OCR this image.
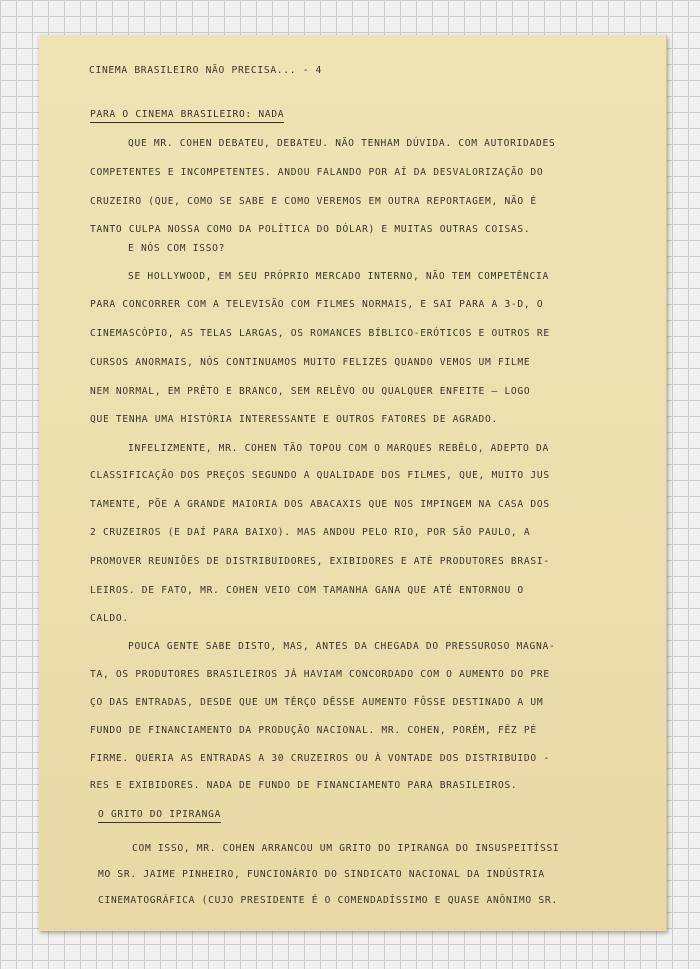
CINEMA BRASILEIRO NÃO PRECISA... - 4

PARA O CINEMA BRASILEIRO: NADA

QUE MR. COHEN DEBATEU, DEBATEU. NÃO TENHAM DÚVIDA. COM AUTORIDADES

COMPETENTES E INCOMPETENTES. ANDOU FALANDO POR AÍ DA DESVALORIZAÇÃO DO

CRUZEIRO (QUE, COMO SE SABE E COMO VEREMOS EM OUTRA REPORTAGEM, NÃO É

TANTO CULPA NOSSA COMO DA POLÍTICA DO DÓLAR) E MUITAS OUTRAS COISAS.

E NÓS COM ISSO?

SE HOLLYWOOD, EM SEU PRÓPRIO MERCADO INTERNO, NÃO TEM COMPETÊNCIA

PARA CONCORRER COM A TELEVISÃO COM FILMES NORMAIS, E SAI PARA A 3-D, O

CINEMASCÓPIO, AS TELAS LARGAS, OS ROMANCES BÍBLICO-ERÓTICOS E OUTROS RE

CURSOS ANORMAIS, NÓS CONTINUAMOS MUITO FELIZES QUANDO VEMOS UM FILME

NEM NORMAL, EM PRÊTO E BRANCO, SEM RELÊVO OU QUALQUER ENFEITE — LOGO

QUE TENHA UMA HISTÓRIA INTERESSANTE E OUTROS FATORES DE AGRADO.

INFELIZMENTE, MR. COHEN TÃO TOPOU COM O MARQUES REBÊLO, ADEPTO DA

CLASSIFICAÇÃO DOS PREÇOS SEGUNDO A QUALIDADE DOS FILMES, QUE, MUITO JUS

TAMENTE, PÕE A GRANDE MAIORIA DOS ABACAXIS QUE NOS IMPINGEM NA CASA DOS

2 CRUZEIROS (E DAÍ PARA BAIXO). MAS ANDOU PELO RIO, POR SÃO PAULO, A

PROMOVER REUNIÕES DE DISTRIBUIDORES, EXIBIDORES E ATÉ PRODUTORES BRASI-

LEIROS. DE FATO, MR. COHEN VEIO COM TAMANHA GANA QUE ATÉ ENTORNOU O

CALDO.

POUCA GENTE SABE DISTO, MAS, ANTES DA CHEGADA DO PRESSUROSO MAGNA-

TA, OS PRODUTORES BRASILEIROS JÁ HAVIAM CONCORDADO COM O AUMENTO DO PRE

ÇO DAS ENTRADAS, DESDE QUE UM TÊRÇO DÊSSE AUMENTO FÔSSE DESTINADO A UM

FUNDO DE FINANCIAMENTO DA PRODUÇÃO NACIONAL. MR. COHEN, PORÉM, FÊZ PÉ

FIRME. QUERIA AS ENTRADAS A 30 CRUZEIROS OU À VONTADE DOS DISTRIBUIDO -

RES E EXIBIDORES. NADA DE FUNDO DE FINANCIAMENTO PARA BRASILEIROS.

O GRITO DO IPIRANGA

COM ISSO, MR. COHEN ARRANCOU UM GRITO DO IPIRANGA DO INSUSPEITÍSSI

MO SR. JAIME PINHEIRO, FUNCIONÁRIO DO SINDICATO NACIONAL DA INDÚSTRIA

CINEMATOGRÁFICA (CUJO PRESIDENTE É O COMENDADÍSSIMO E QUASE ANÔNIMO SR.
